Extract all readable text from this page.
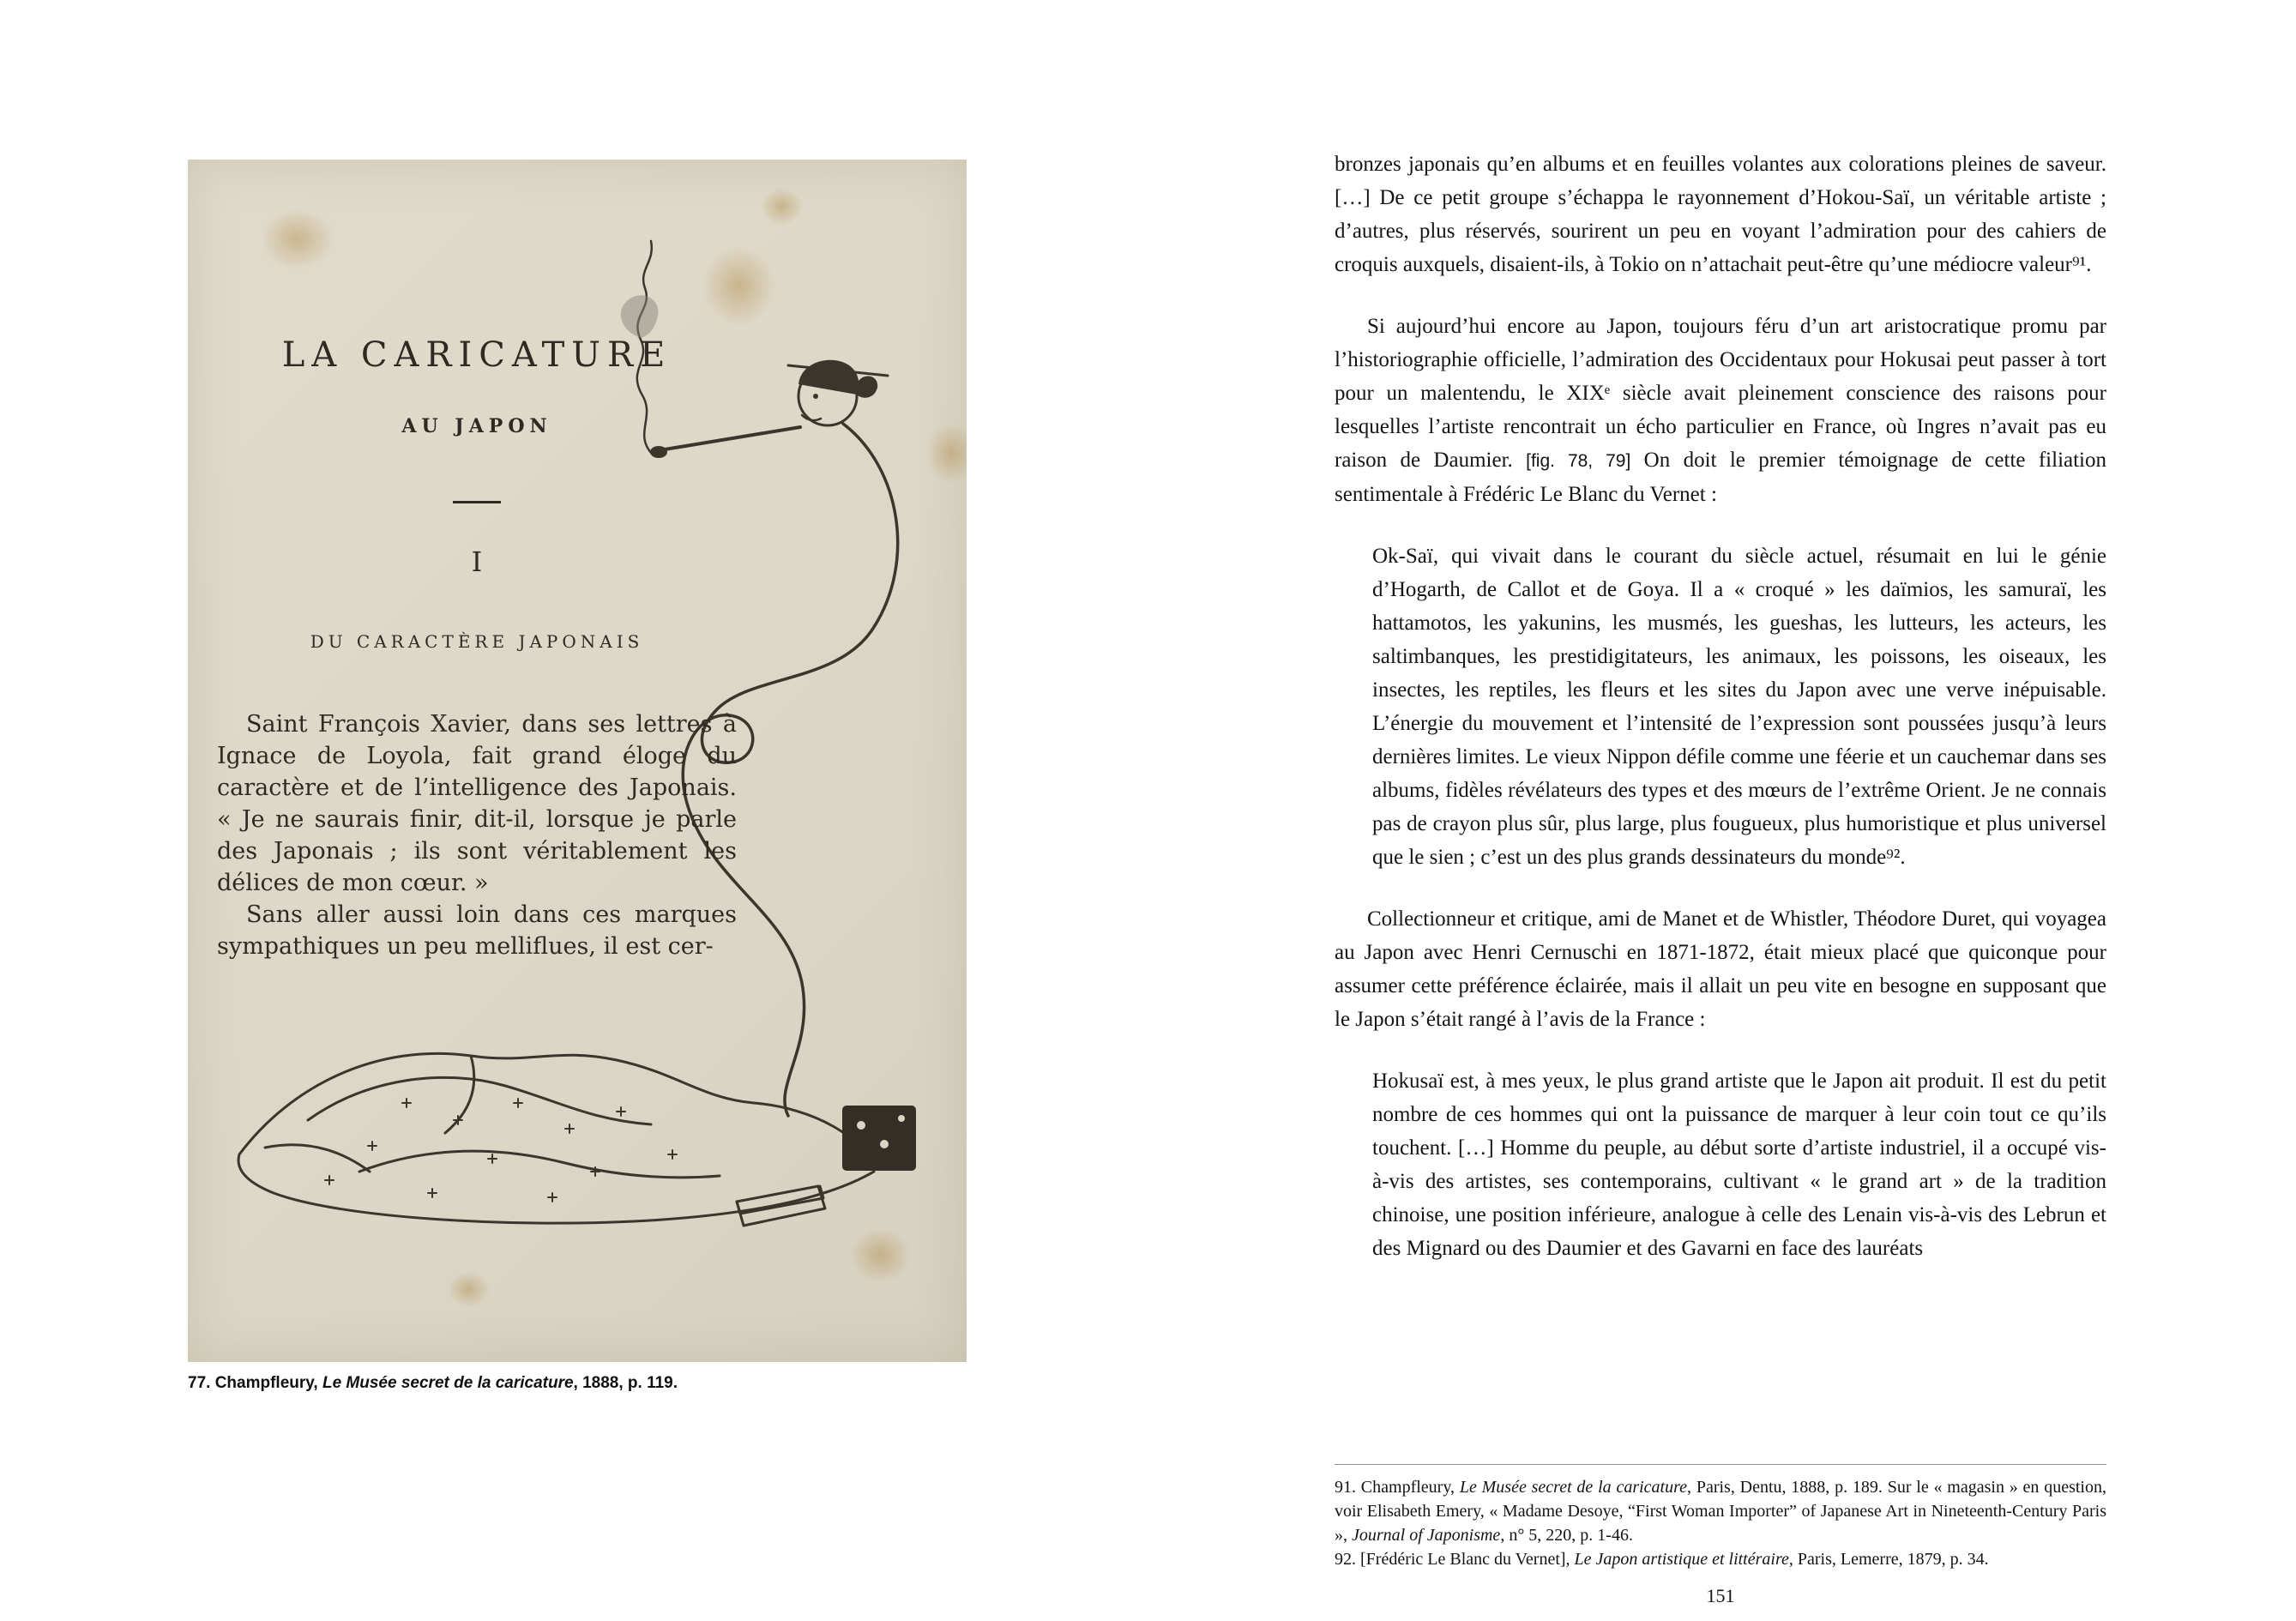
LA CARICATURE
AU JAPON
I
DU CARACTÈRE JAPONAIS

Saint François Xavier, dans ses lettres à Ignace de Loyola, fait grand éloge du caractère et de l’intelligence des Japonais. « Je ne saurais finir, dit-il, lorsque je parle des Japonais ; ils sont véritablement les délices de mon cœur. »

Sans aller aussi loin dans ces marques sympathiques un peu melliflues, il est cer-

77. Champfleury, Le Musée secret de la caricature, 1888, p. 119.

bronzes japonais qu’en albums et en feuilles volantes aux colorations pleines de saveur. […] De ce petit groupe s’échappa le rayonnement d’Hokou-Saï, un véritable artiste ; d’autres, plus réservés, sourirent un peu en voyant l’admiration pour des cahiers de croquis auxquels, disaient-ils, à Tokio on n’attachait peut-être qu’une médiocre valeur⁹¹.

Si aujourd’hui encore au Japon, toujours féru d’un art aristocratique promu par l’historiographie officielle, l’admiration des Occidentaux pour Hokusai peut passer à tort pour un malentendu, le XIXᵉ siècle avait pleinement conscience des raisons pour lesquelles l’artiste rencontrait un écho particulier en France, où Ingres n’avait pas eu raison de Daumier. [fig. 78, 79] On doit le premier témoignage de cette filiation sentimentale à Frédéric Le Blanc du Vernet :

Ok-Saï, qui vivait dans le courant du siècle actuel, résumait en lui le génie d’Hogarth, de Callot et de Goya. Il a « croqué » les daïmios, les samuraï, les hattamotos, les yakunins, les musmés, les gueshas, les lutteurs, les acteurs, les saltimbanques, les prestidigitateurs, les animaux, les poissons, les oiseaux, les insectes, les reptiles, les fleurs et les sites du Japon avec une verve inépuisable. L’énergie du mouvement et l’intensité de l’expression sont poussées jusqu’à leurs dernières limites. Le vieux Nippon défile comme une féerie et un cauchemar dans ses albums, fidèles révélateurs des types et des mœurs de l’extrême Orient. Je ne connais pas de crayon plus sûr, plus large, plus fougueux, plus humoristique et plus universel que le sien ; c’est un des plus grands dessinateurs du monde⁹².

Collectionneur et critique, ami de Manet et de Whistler, Théodore Duret, qui voyagea au Japon avec Henri Cernuschi en 1871-1872, était mieux placé que quiconque pour assumer cette préférence éclairée, mais il allait un peu vite en besogne en supposant que le Japon s’était rangé à l’avis de la France :

Hokusaï est, à mes yeux, le plus grand artiste que le Japon ait produit. Il est du petit nombre de ces hommes qui ont la puissance de marquer à leur coin tout ce qu’ils touchent. […] Homme du peuple, au début sorte d’artiste industriel, il a occupé vis-à-vis des artistes, ses contemporains, cultivant « le grand art » de la tradition chinoise, une position inférieure, analogue à celle des Lenain vis-à-vis des Lebrun et des Mignard ou des Daumier et des Gavarni en face des lauréats

91. Champfleury, Le Musée secret de la caricature, Paris, Dentu, 1888, p. 189. Sur le « magasin » en question, voir Elisabeth Emery, « Madame Desoye, “First Woman Importer” of Japanese Art in Nineteenth-Century Paris », Journal of Japonisme, n° 5, 220, p. 1-46.

92. [Frédéric Le Blanc du Vernet], Le Japon artistique et littéraire, Paris, Lemerre, 1879, p. 34.

151
